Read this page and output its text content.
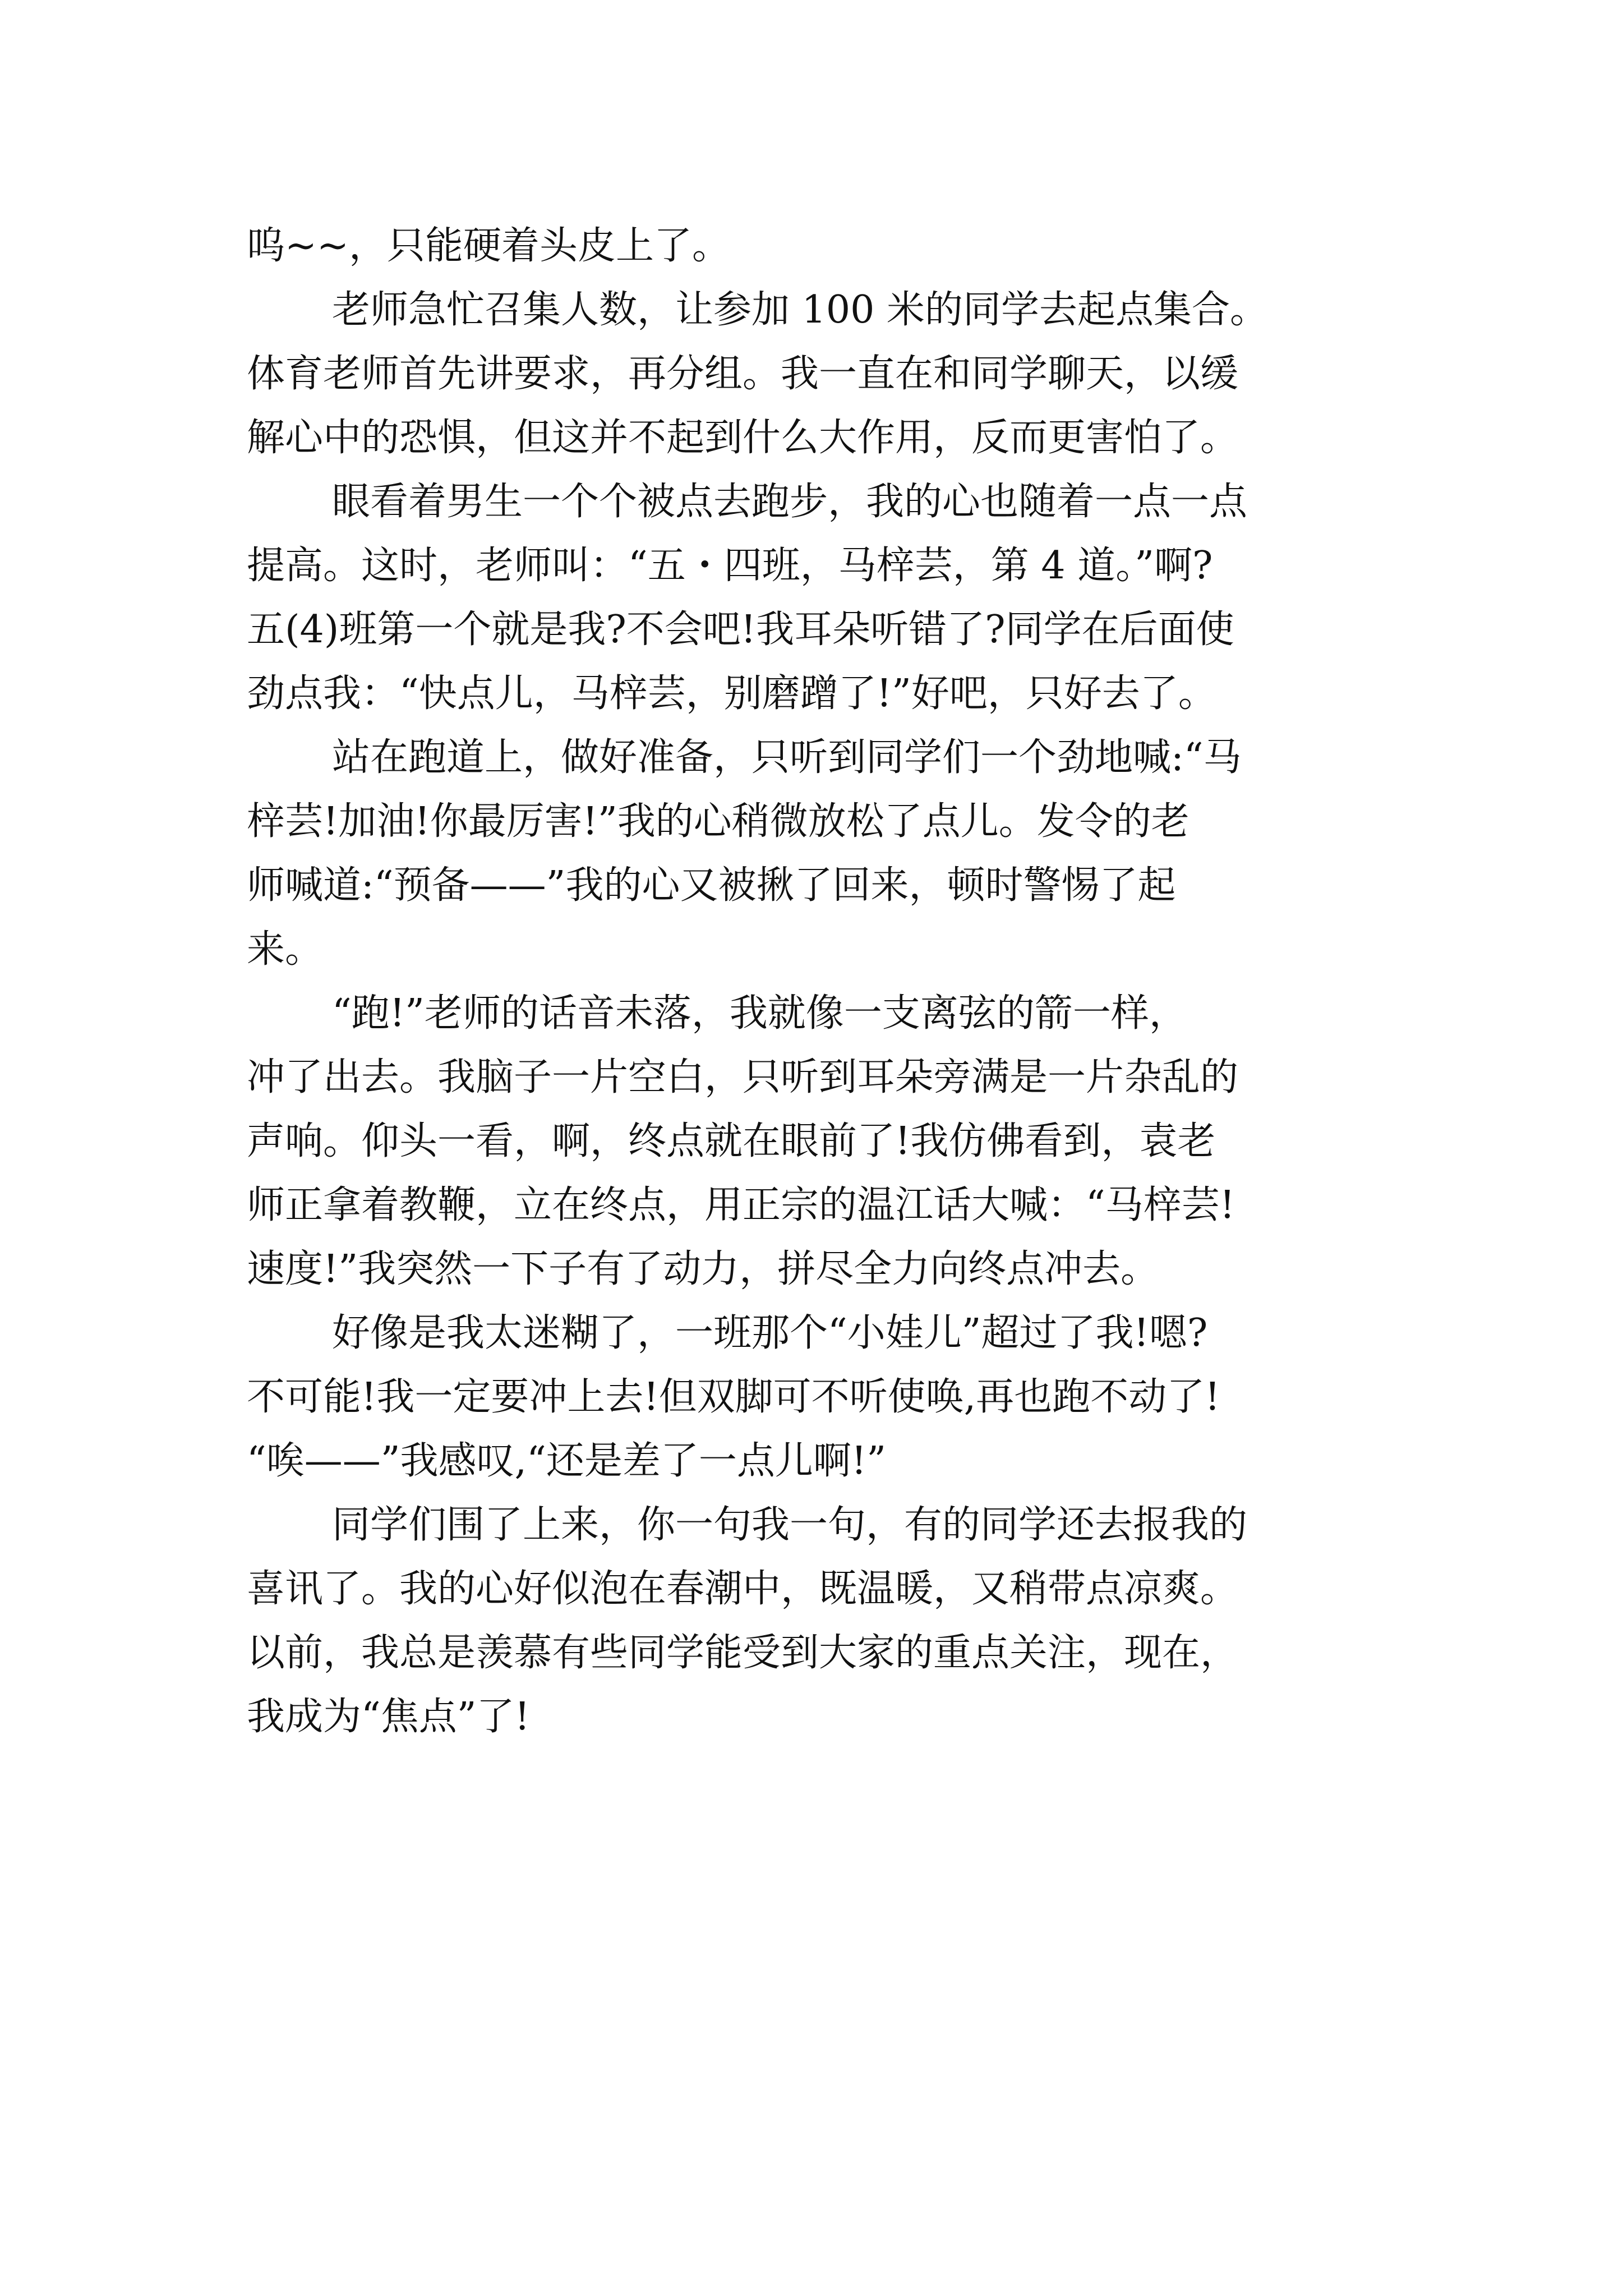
呜~~，只能硬着头皮上了。
老师急忙召集人数，让参加 100 米的同学去起点集合。
体育老师首先讲要求，再分组。我一直在和同学聊天，以缓
解心中的恐惧，但这并不起到什么大作用，反而更害怕了。
眼看着男生一个个被点去跑步，我的心也随着一点一点
提高。这时，老师叫：“五・四班，马梓芸，第 4 道。”啊?
五(4)班第一个就是我?不会吧!我耳朵听错了?同学在后面使
劲点我：“快点儿，马梓芸，别磨蹭了!”好吧，只好去了。
站在跑道上，做好准备，只听到同学们一个劲地喊:“马
梓芸!加油!你最厉害!”我的心稍微放松了点儿。发令的老
师喊道:“预备——”我的心又被揪了回来，顿时警惕了起
来。
“跑!”老师的话音未落，我就像一支离弦的箭一样，
冲了出去。我脑子一片空白，只听到耳朵旁满是一片杂乱的
声响。仰头一看，啊，终点就在眼前了!我仿佛看到，袁老
师正拿着教鞭，立在终点，用正宗的温江话大喊：“马梓芸!
速度!”我突然一下子有了动力，拼尽全力向终点冲去。
好像是我太迷糊了，一班那个“小娃儿”超过了我!嗯?
不可能!我一定要冲上去!但双脚可不听使唤,再也跑不动了!
“唉——”我感叹,“还是差了一点儿啊!”
同学们围了上来，你一句我一句，有的同学还去报我的
喜讯了。我的心好似泡在春潮中，既温暖，又稍带点凉爽。
以前，我总是羡慕有些同学能受到大家的重点关注，现在，
我成为“焦点”了!
